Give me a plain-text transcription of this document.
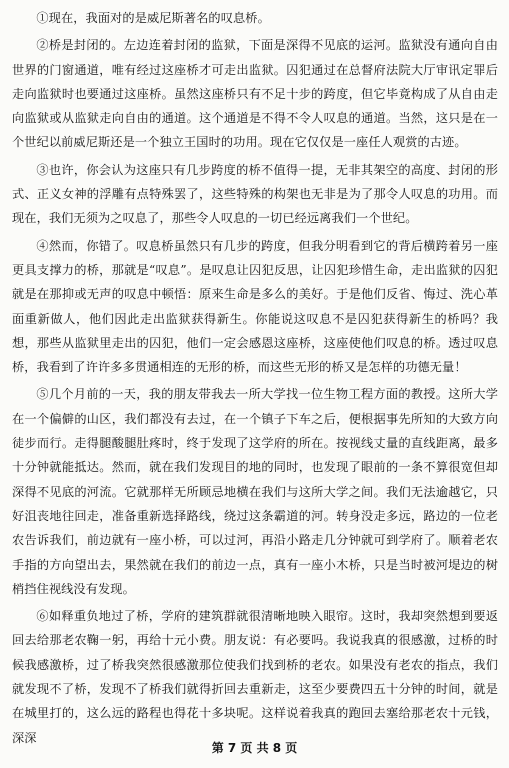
①现在，我面对的是威尼斯著名的叹息桥。

②桥是封闭的。左边连着封闭的监狱，下面是深得不见底的运河。监狱没有通向自由世界的门窗通道，唯有经过这座桥才可走出监狱。囚犯通过在总督府法院大厅审讯定罪后走向监狱时也要通过这座桥。虽然这座桥只有不足十步的跨度，但它毕竟构成了从自由走向监狱或从监狱走向自由的通道。这个通道是不得不令人叹息的通道。当然，这只是在一个世纪以前威尼斯还是一个独立王国时的功用。现在它仅仅是一座任人观赏的古迹。

③也许，你会认为这座只有几步跨度的桥不值得一提，无非其架空的高度、封闭的形式、正义女神的浮雕有点特殊罢了，这些特殊的构架也无非是为了那令人叹息的功用。而现在，我们无须为之叹息了，那些令人叹息的一切已经远离我们一个世纪。

④然而，你错了。叹息桥虽然只有几步的跨度，但我分明看到它的背后横跨着另一座更具支撑力的桥，那就是“叹息”。是叹息让囚犯反思，让囚犯珍惜生命，走出监狱的囚犯就是在那抑或无声的叹息中顿悟：原来生命是多么的美好。于是他们反省、悔过、洗心革面重新做人，他们因此走出监狱获得新生。你能说这叹息不是囚犯获得新生的桥吗？我想，那些从监狱里走出的囚犯，他们一定会感恩这座桥，这座使他们叹息的桥。透过叹息桥，我看到了许许多多贯通相连的无形的桥，而这些无形的桥又是怎样的功德无量！

⑤几个月前的一天，我的朋友带我去一所大学找一位生物工程方面的教授。这所大学在一个偏僻的山区，我们都没有去过，在一个镇子下车之后，便根据事先所知的大致方向徒步而行。走得腿酸腿肚疼时，终于发现了这学府的所在。按视线丈量的直线距离，最多十分钟就能抵达。然而，就在我们发现目的地的同时，也发现了眼前的一条不算很宽但却深得不见底的河流。它就那样无所顾忌地横在我们与这所大学之间。我们无法逾越它，只好沮丧地往回走，准备重新选择路线，绕过这条霸道的河。转身没走多远，路边的一位老农告诉我们，前边就有一座小桥，可以过河，再沿小路走几分钟就可到学府了。顺着老农手指的方向望出去，果然就在我们的前边一点，真有一座小木桥，只是当时被河堤边的树梢挡住视线没有发现。

⑥如释重负地过了桥，学府的建筑群就很清晰地映入眼帘。这时，我却突然想到要返回去给那老农鞠一躬，再给十元小费。朋友说：有必要吗。我说我真的很感激，过桥的时候我感激桥，过了桥我突然很感激那位使我们找到桥的老农。如果没有老农的指点，我们就发现不了桥，发现不了桥我们就得折回去重新走，这至少要费四五十分钟的时间，就是在城里打的，这么远的路程也得花十多块呢。这样说着我真的跑回去塞给那老农十元钱，深深

第 7 页 共 8 页
